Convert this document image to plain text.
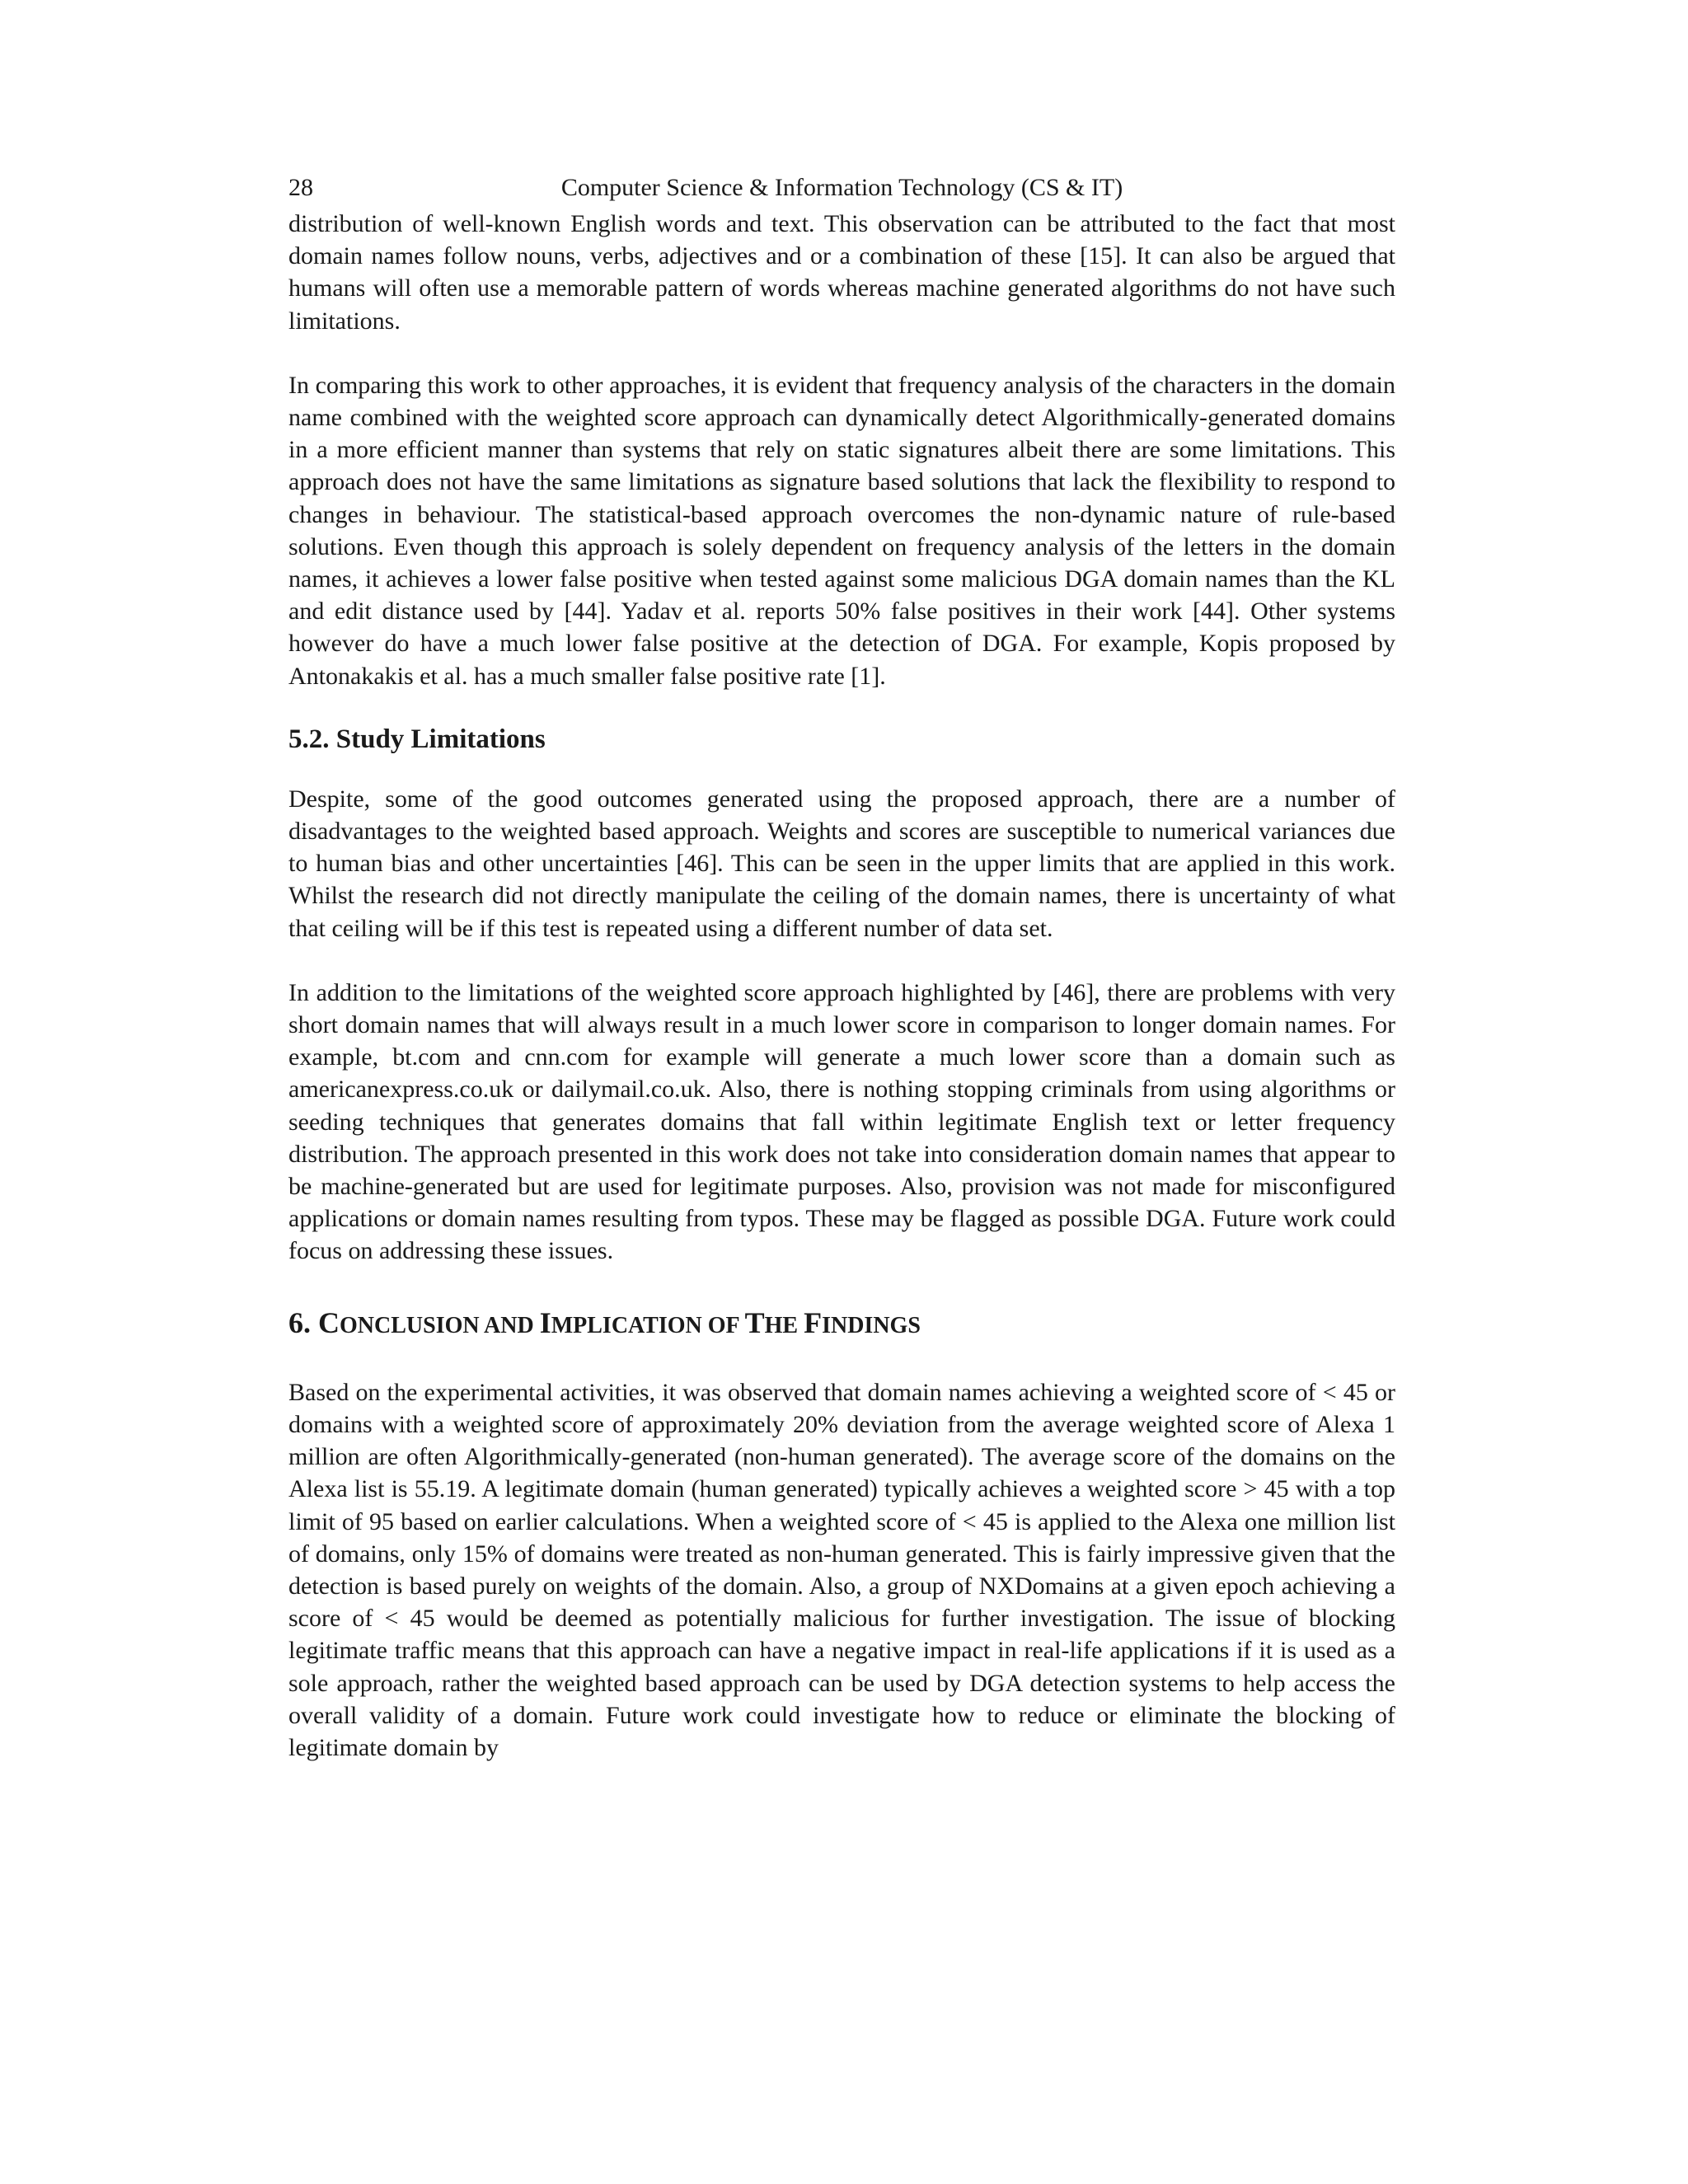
28	Computer Science & Information Technology (CS & IT)

distribution of well-known English words and text. This observation can be attributed to the fact that most domain names follow nouns, verbs, adjectives and or a combination of these [15]. It can also be argued that humans will often use a memorable pattern of words whereas machine generated algorithms do not have such limitations.

In comparing this work to other approaches, it is evident that frequency analysis of the characters in the domain name combined with the weighted score approach can dynamically detect Algorithmically-generated domains in a more efficient manner than systems that rely on static signatures albeit there are some limitations. This approach does not have the same limitations as signature based solutions that lack the flexibility to respond to changes in behaviour. The statistical-based approach overcomes the non-dynamic nature of rule-based solutions. Even though this approach is solely dependent on frequency analysis of the letters in the domain names, it achieves a lower false positive when tested against some malicious DGA domain names than the KL and edit distance used by [44]. Yadav et al. reports 50% false positives in their work [44]. Other systems however do have a much lower false positive at the detection of DGA. For example, Kopis proposed by Antonakakis et al. has a much smaller false positive rate [1].

5.2. Study Limitations

Despite, some of the good outcomes generated using the proposed approach, there are a number of disadvantages to the weighted based approach. Weights and scores are susceptible to numerical variances due to human bias and other uncertainties [46]. This can be seen in the upper limits that are applied in this work. Whilst the research did not directly manipulate the ceiling of the domain names, there is uncertainty of what that ceiling will be if this test is repeated using a different number of data set.

In addition to the limitations of the weighted score approach highlighted by [46], there are problems with very short domain names that will always result in a much lower score in comparison to longer domain names. For example, bt.com and cnn.com for example will generate a much lower score than a domain such as americanexpress.co.uk or dailymail.co.uk. Also, there is nothing stopping criminals from using algorithms or seeding techniques that generates domains that fall within legitimate English text or letter frequency distribution. The approach presented in this work does not take into consideration domain names that appear to be machine-generated but are used for legitimate purposes. Also, provision was not made for misconfigured applications or domain names resulting from typos. These may be flagged as possible DGA. Future work could focus on addressing these issues.

6. CONCLUSION AND IMPLICATION OF THE FINDINGS

Based on the experimental activities, it was observed that domain names achieving a weighted score of < 45 or domains with a weighted score of approximately 20% deviation from the average weighted score of Alexa 1 million are often Algorithmically-generated (non-human generated). The average score of the domains on the Alexa list is 55.19. A legitimate domain (human generated) typically achieves a weighted score > 45 with a top limit of 95 based on earlier calculations. When a weighted score of < 45 is applied to the Alexa one million list of domains, only 15% of domains were treated as non-human generated. This is fairly impressive given that the detection is based purely on weights of the domain. Also, a group of NXDomains at a given epoch achieving a score of < 45 would be deemed as potentially malicious for further investigation. The issue of blocking legitimate traffic means that this approach can have a negative impact in real-life applications if it is used as a sole approach, rather the weighted based approach can be used by DGA detection systems to help access the overall validity of a domain. Future work could investigate how to reduce or eliminate the blocking of legitimate domain by
